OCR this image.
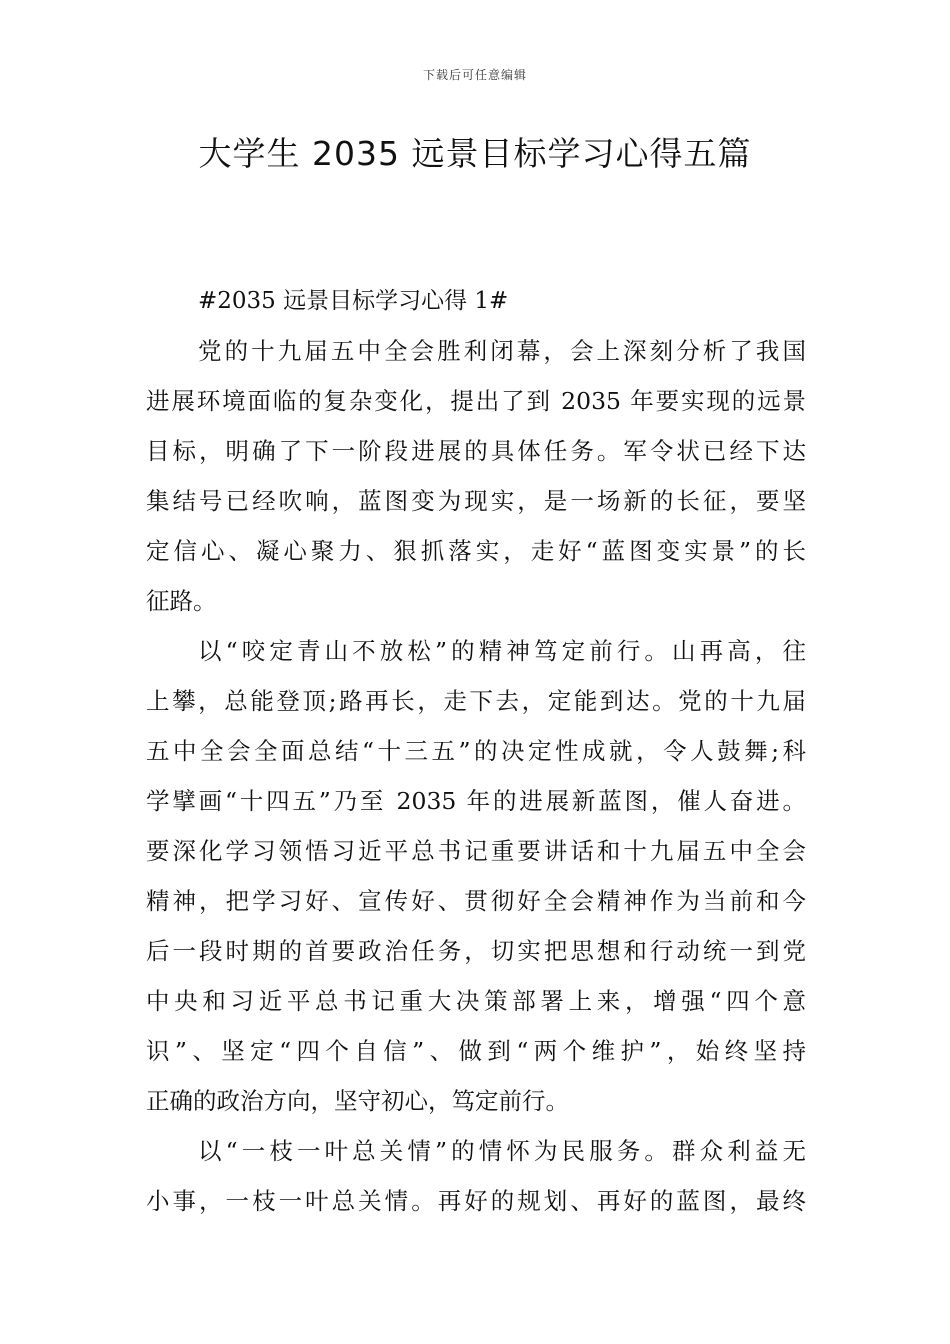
下载后可任意编辑
大学生 2035 远景目标学习心得五篇

#2035 远景目标学习心得 1#

党的十九届五中全会胜利闭幕，会上深刻分析了我国

进展环境面临的复杂变化，提出了到 2035 年要实现的远景

目标，明确了下一阶段进展的具体任务。军令状已经下达

集结号已经吹响，蓝图变为现实，是一场新的长征，要坚

定信心、凝心聚力、狠抓落实，走好“蓝图变实景”的长

征路。

以“咬定青山不放松”的精神笃定前行。山再高，往

上攀，总能登顶;路再长，走下去，定能到达。党的十九届

五中全会全面总结“十三五”的决定性成就，令人鼓舞;科

学擘画“十四五”乃至 2035 年的进展新蓝图，催人奋进。

要深化学习领悟习近平总书记重要讲话和十九届五中全会

精神，把学习好、宣传好、贯彻好全会精神作为当前和今

后一段时期的首要政治任务，切实把思想和行动统一到党

中央和习近平总书记重大决策部署上来，增强“四个意

识”、坚定“四个自信”、做到“两个维护”，始终坚持

正确的政治方向，坚守初心，笃定前行。

以“一枝一叶总关情”的情怀为民服务。群众利益无

小事，一枝一叶总关情。再好的规划、再好的蓝图，最终
